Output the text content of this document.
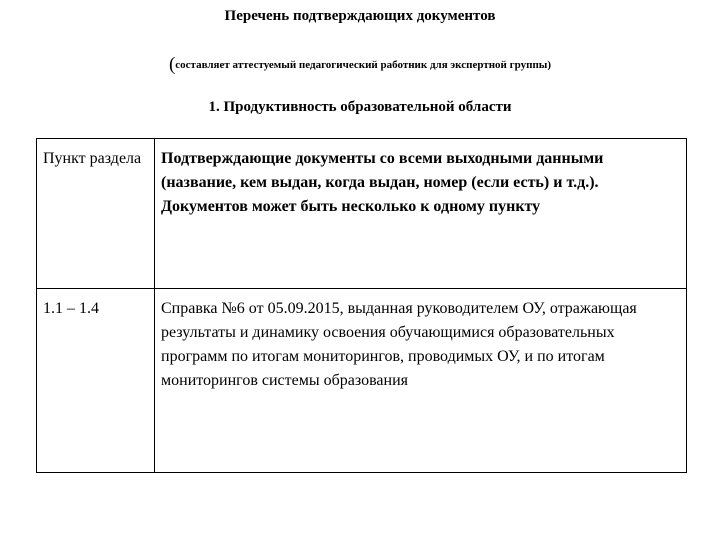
Перечень подтверждающих документов
(составляет аттестуемый педагогический работник для экспертной группы)
1. Продуктивность образовательной области
Пункт раздела	Подтверждающие документы со всеми выходными данными (название, кем выдан, когда выдан, номер (если есть) и т.д.). Документов может быть несколько к одному пункту
1.1 – 1.4	Справка №6 от 05.09.2015, выданная руководителем ОУ, отражающая результаты и динамику освоения обучающимися образовательных программ по итогам мониторингов, проводимых ОУ, и по итогам мониторингов системы образования
